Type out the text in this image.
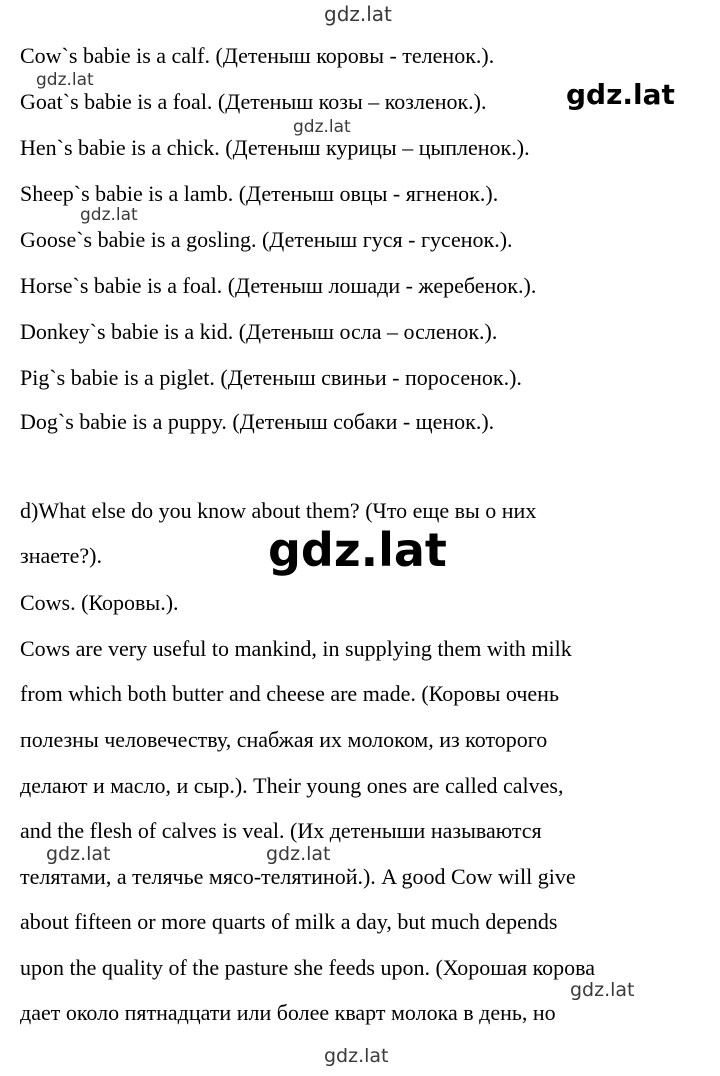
Cow`s babie is a calf. (Детеныш коровы - теленок.).
Goat`s babie is a foal. (Детеныш козы – козленок.).
Hen`s babie is a chick. (Детеныш курицы – цыпленок.).
Sheep`s babie is a lamb. (Детеныш овцы - ягненок.).
Goose`s babie is a gosling. (Детеныш гуся - гусенок.).
Horse`s babie is a foal. (Детеныш лошади - жеребенок.).
Donkey`s babie is a kid. (Детеныш осла – осленок.).
Pig`s babie is a piglet. (Детеныш свиньи - поросенок.).
Dog`s babie is a puppy. (Детеныш собаки - щенок.).
d)What else do you know about them? (Что еще вы о них
знаете?).
Cows. (Коровы.).
Cows are very useful to mankind, in supplying them with milk
from which both butter and cheese are made. (Коровы очень
полезны человечеству, снабжая их молоком, из которого
делают и масло, и сыр.). Their young ones are called calves,
and the flesh of calves is veal. (Их детеныши называются
телятами, а телячье мясо-телятиной.). A good Cow will give
about fifteen or more quarts of milk a day, but much depends
upon the quality of the pasture she feeds upon. (Хорошая корова
дает около пятнадцати или более кварт молока в день, но
gdz.lat
gdz.lat	gdz.lat
gdz.lat
gdz.lat
gdz.lat
gdz.lat	gdz.lat
gdz.lat
gdz.lat
